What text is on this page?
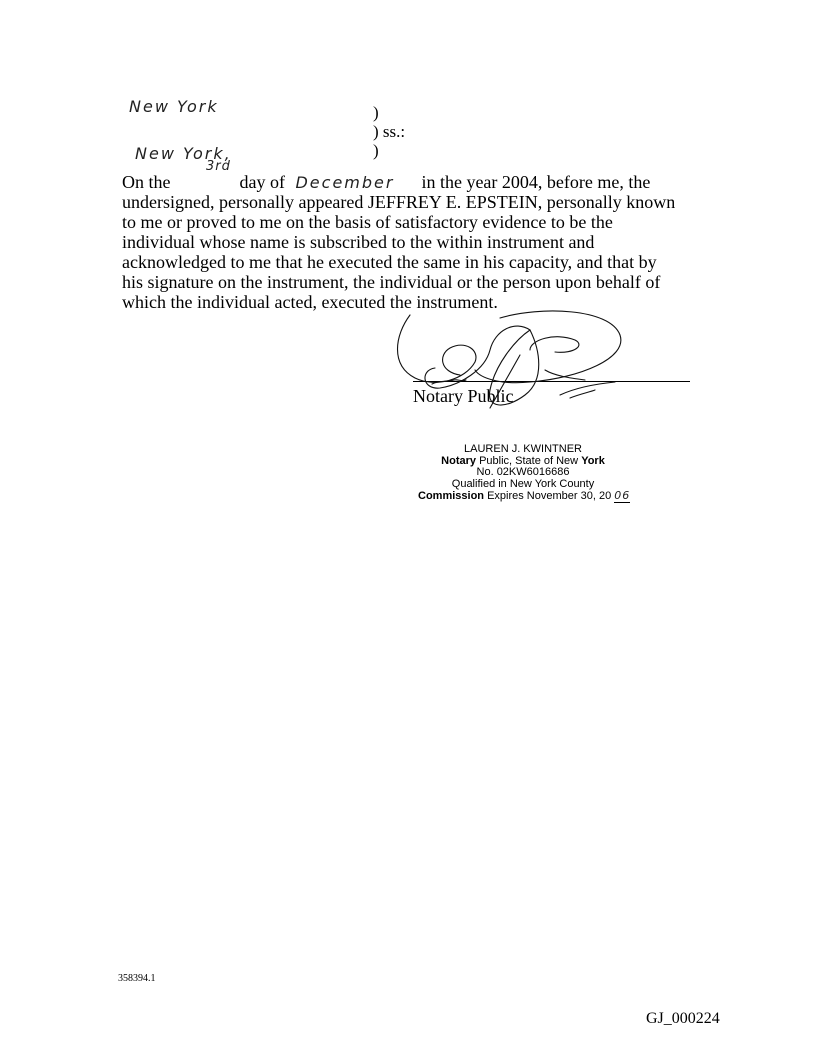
New York
New York,
)
) ss.:
)
3rd
On the	day of December in the year 2004, before me, the
undersigned, personally appeared JEFFREY E. EPSTEIN, personally known
to me or proved to me on the basis of satisfactory evidence to be the
individual whose name is subscribed to the within instrument and
acknowledged to me that he executed the same in his capacity, and that by
his signature on the instrument, the individual or the person upon behalf of
which the individual acted, executed the instrument.
Notary Public
LAUREN J. KWINTNER
Notary Public, State of New York
No. 02KW6016686
Qualified in New York County
Commission Expires November 30, 20 06
358394.1
GJ_000224
